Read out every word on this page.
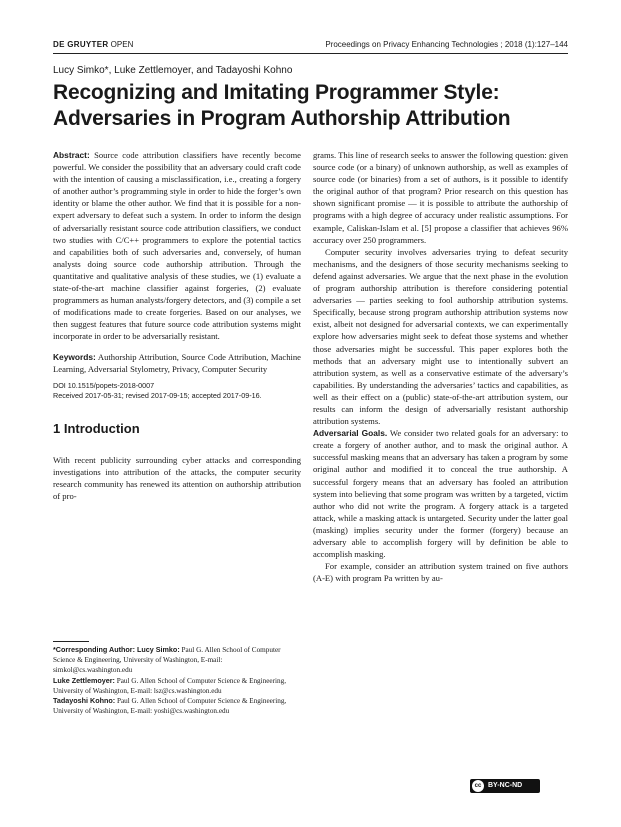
DE GRUYTER OPEN	Proceedings on Privacy Enhancing Technologies ; 2018 (1):127–144
Lucy Simko*, Luke Zettlemoyer, and Tadayoshi Kohno
Recognizing and Imitating Programmer Style:
Adversaries in Program Authorship Attribution

Abstract: Source code attribution classifiers have recently become powerful. We consider the possibility that an adversary could craft code with the intention of causing a misclassification, i.e., creating a forgery of another author’s programming style in order to hide the forger’s own identity or blame the other author. We find that it is possible for a non-expert adversary to defeat such a system. In order to inform the design of adversarially resistant source code attribution classifiers, we conduct two studies with C/C++ programmers to explore the potential tactics and capabilities both of such adversaries and, conversely, of human analysts doing source code authorship attribution. Through the quantitative and qualitative analysis of these studies, we (1) evaluate a state-of-the-art machine classifier against forgeries, (2) evaluate programmers as human analysts/forgery detectors, and (3) compile a set of modifications made to create forgeries. Based on our analyses, we then suggest features that future source code attribution systems might incorporate in order to be adversarially resistant.

Keywords: Authorship Attribution, Source Code Attribution, Machine Learning, Adversarial Stylometry, Privacy, Computer Security

DOI 10.1515/popets-2018-0007
Received 2017-05-31; revised 2017-09-15; accepted 2017-09-16.
1 Introduction

With recent publicity surrounding cyber attacks and corresponding investigations into attribution of the attacks, the computer security research community has renewed its attention on authorship attribution of pro-

*Corresponding Author: Lucy Simko: Paul G. Allen School of Computer Science & Engineering, University of Washington, E-mail: simkol@cs.washington.edu
Luke Zettlemoyer: Paul G. Allen School of Computer Science & Engineering, University of Washington, E-mail: lsz@cs.washington.edu
Tadayoshi Kohno: Paul G. Allen School of Computer Science & Engineering, University of Washington, E-mail: yoshi@cs.washington.edu

grams. This line of research seeks to answer the following question: given source code (or a binary) of unknown authorship, as well as examples of source code (or binaries) from a set of authors, is it possible to identify the original author of that program? Prior research on this question has shown significant promise — it is possible to attribute the authorship of programs with a high degree of accuracy under realistic assumptions. For example, Caliskan-Islam et al. [5] propose a classifier that achieves 96% accuracy over 250 programmers.

Computer security involves adversaries trying to defeat security mechanisms, and the designers of those security mechanisms seeking to defend against adversaries. We argue that the next phase in the evolution of program authorship attribution is therefore considering potential adversaries — parties seeking to fool authorship attribution systems. Specifically, because strong program authorship attribution systems now exist, albeit not designed for adversarial contexts, we can experimentally explore how adversaries might seek to defeat those systems and whether those adversaries might be successful. This paper explores both the methods that an adversary might use to intentionally subvert an attribution system, as well as a conservative estimate of the adversary’s capabilities. By understanding the adversaries’ tactics and capabilities, as well as their effect on a (public) state-of-the-art attribution system, our results can inform the design of adversarially resistant authorship attribution systems.

Adversarial Goals. We consider two related goals for an adversary: to create a forgery of another author, and to mask the original author. A successful masking means that an adversary has taken a program by some original author and modified it to conceal the true authorship. A successful forgery means that an adversary has fooled an attribution system into believing that some program was written by a targeted, victim author who did not write the program. A forgery attack is a targeted attack, while a masking attack is untargeted. Security under the latter goal (masking) implies security under the former (forgery) because an adversary able to accomplish forgery will by definition be able to accomplish masking.

For example, consider an attribution system trained on five authors (A-E) with program Pa written by au-

cc BY-NC-ND
